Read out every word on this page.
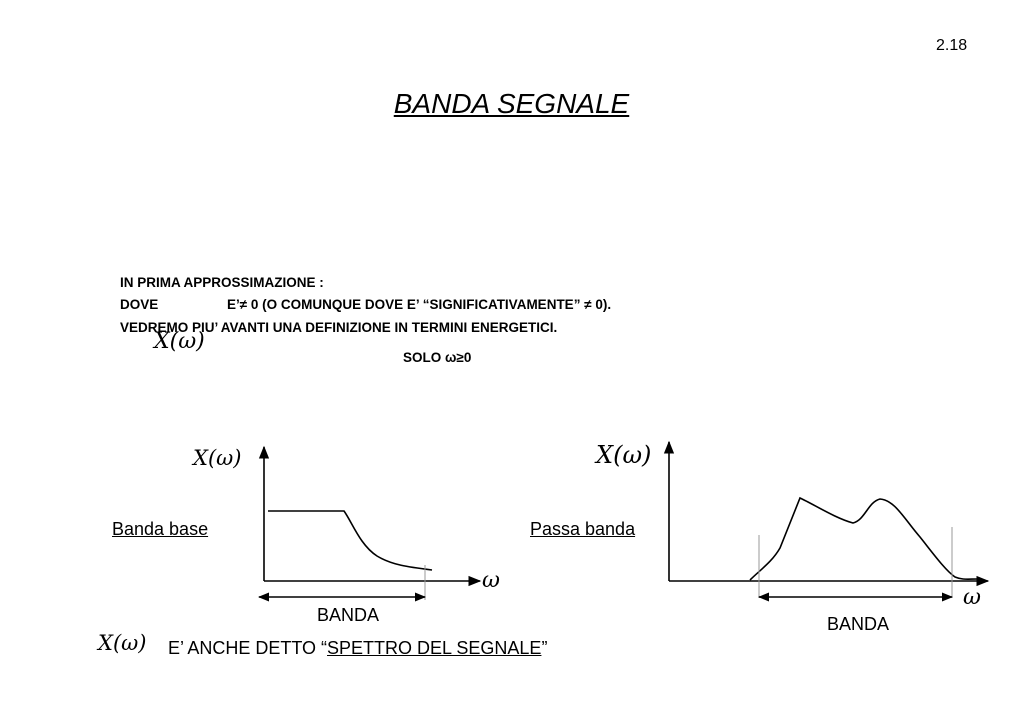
2.18
BANDA SEGNALE
IN PRIMA APPROSSIMAZIONE :
DOVE	E’≠ 0 (O COMUNQUE DOVE E’ “SIGNIFICATIVAMENTE” ≠ 0).
VEDREMO PIU’ AVANTI UNA DEFINIZIONE IN TERMINI ENERGETICI.
X(ω)
SOLO ω≥0
X(ω)
Banda base
ω
BANDA
X(ω)
Passa banda
ω
BANDA
X(ω) E’ ANCHE DETTO “SPETTRO DEL SEGNALE”
